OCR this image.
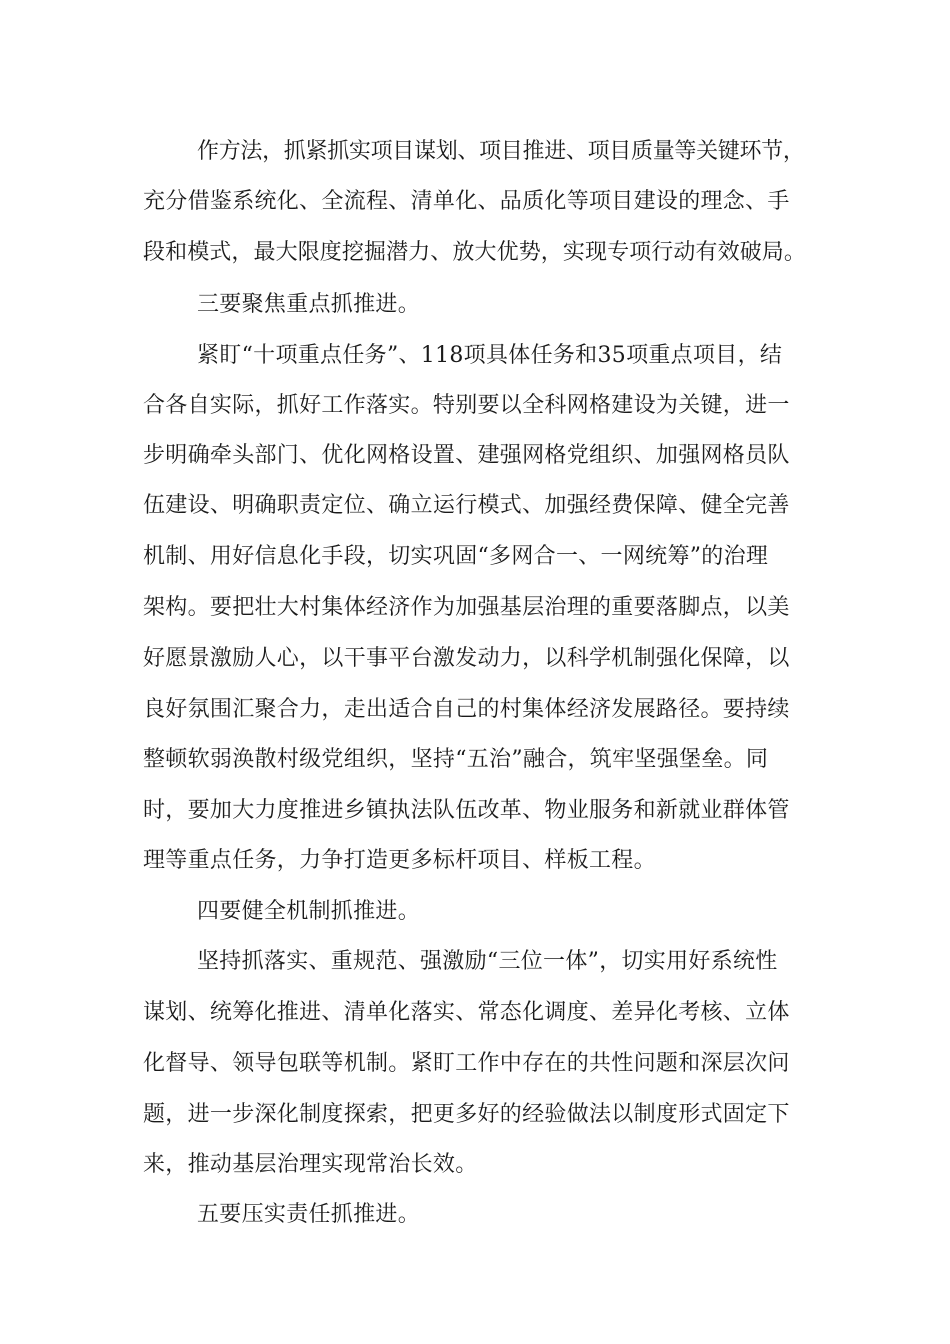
作方法，抓紧抓实项目谋划、项目推进、项目质量等关键环节，
充分借鉴系统化、全流程、清单化、品质化等项目建设的理念、手
段和模式，最大限度挖掘潜力、放大优势，实现专项行动有效破局。
三要聚焦重点抓推进。
紧盯“十项重点任务”、118项具体任务和35项重点项目，结
合各自实际，抓好工作落实。特别要以全科网格建设为关键，进一
步明确牵头部门、优化网格设置、建强网格党组织、加强网格员队
伍建设、明确职责定位、确立运行模式、加强经费保障、健全完善
机制、用好信息化手段，切实巩固“多网合一、一网统筹”的治理
架构。要把壮大村集体经济作为加强基层治理的重要落脚点，以美
好愿景激励人心，以干事平台激发动力，以科学机制强化保障，以
良好氛围汇聚合力，走出适合自己的村集体经济发展路径。要持续
整顿软弱涣散村级党组织，坚持“五治”融合，筑牢坚强堡垒。同
时，要加大力度推进乡镇执法队伍改革、物业服务和新就业群体管
理等重点任务，力争打造更多标杆项目、样板工程。
四要健全机制抓推进。
坚持抓落实、重规范、强激励“三位一体”，切实用好系统性
谋划、统筹化推进、清单化落实、常态化调度、差异化考核、立体
化督导、领导包联等机制。紧盯工作中存在的共性问题和深层次问
题，进一步深化制度探索，把更多好的经验做法以制度形式固定下
来，推动基层治理实现常治长效。
五要压实责任抓推进。
